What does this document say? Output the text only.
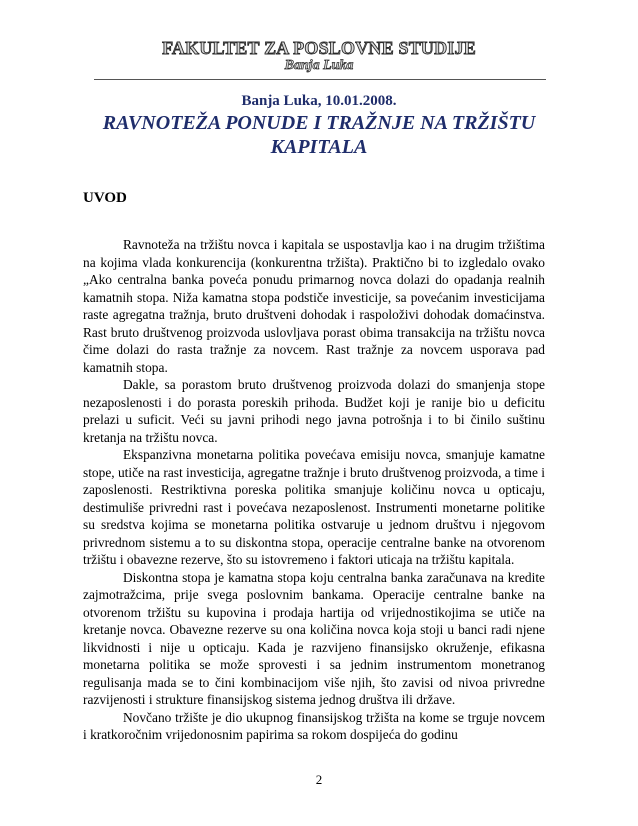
FAKULTET ZA POSLOVNE STUDIJE
Banja Luka
Banja Luka, 10.01.2008.
RAVNOTEŽA PONUDE I TRAŽNJE NA TRŽIŠTU KAPITALA
UVOD

Ravnoteža na tržištu novca i kapitala se uspostavlja kao i na drugim tržištima na kojima vlada konkurencija (konkurentna tržišta). Praktično bi to izgledalo ovako „Ako centralna banka poveća ponudu primarnog novca dolazi do opadanja realnih kamatnih stopa. Niža kamatna stopa podstiče investicije, sa povećanim investicijama raste agregatna tražnja, bruto društveni dohodak i raspoloživi dohodak domaćinstva. Rast bruto društvenog proizvoda uslovljava porast obima transakcija na tržištu novca čime dolazi do rasta tražnje za novcem. Rast tražnje za novcem usporava pad kamatnih stopa.

Dakle, sa porastom bruto društvenog proizvoda dolazi do smanjenja stope nezaposlenosti i do porasta poreskih prihoda. Budžet koji je ranije bio u deficitu prelazi u suficit. Veći su javni prihodi nego javna potrošnja i to bi činilo suštinu kretanja na tržištu novca.

Ekspanzivna monetarna politika povećava emisiju novca, smanjuje kamatne stope, utiče na rast investicija, agregatne tražnje i bruto društvenog proizvoda, a time i zaposlenosti. Restriktivna poreska politika smanjuje količinu novca u opticaju, destimuliše privredni rast i povećava nezaposlenost. Instrumenti monetarne politike su sredstva kojima se monetarna politika ostvaruje u jednom društvu i njegovom privrednom sistemu a to su diskontna stopa, operacije centralne banke na otvorenom tržištu i obavezne rezerve, što su istovremeno i faktori uticaja na tržištu kapitala.

Diskontna stopa je kamatna stopa koju centralna banka zaračunava na kredite zajmotražcima, prije svega poslovnim bankama. Operacije centralne banke na otvorenom tržištu su kupovina i prodaja hartija od vrijednostikojima se utiče na kretanje novca. Obavezne rezerve su ona količina novca koja stoji u banci radi njene likvidnosti i nije u opticaju. Kada je razvijeno finansijsko okruženje, efikasna monetarna politika se može sprovesti i sa jednim instrumentom monetranog regulisanja mada se to čini kombinacijom više njih, što zavisi od nivoa privredne razvijenosti i strukture finansijskog sistema jednog društva ili države.

Novčano tržište je dio ukupnog finansijskog tržišta na kome se trguje novcem i kratkoročnim vrijedonosnim papirima sa rokom dospijeća do godinu

2
